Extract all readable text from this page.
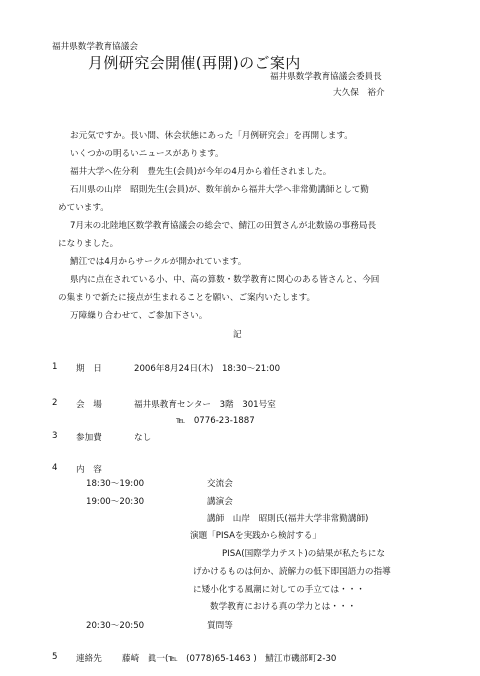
福井県数学教育協議会
月例研究会開催(再開)のご案内
福井県数学教育協議会委員長
大久保　裕介

お元気ですか。長い間、休会状態にあった「月例研究会」を再開します。

いくつかの明るいニュースがあります。

福井大学へ佐分利　豊先生(会員)が今年の4月から着任されました。

石川県の山岸　昭則先生(会員)が、数年前から福井大学へ非常勤講師として勤

めています。

7月末の北陸地区数学教育協議会の総会で、鯖江の田賀さんが北数協の事務局長

になりました。

鯖江では4月からサークルが開かれています。

県内に点在されている小、中、高の算数・数学教育に関心のある皆さんと、今回

の集まりで新たに接点が生まれることを願い、ご案内いたします。

万障繰り合わせて、ご参加下さい。

記
1 期　日	2006年8月24日(木)　18:30～21:00
2 会　場	福井県教育センター　3階　301号室
℡　0776-23-1887
3 参加費	なし
4 内　容
18:30～19:00	交流会
19:00～20:30	講演会
講師　山岸　昭則氏(福井大学非常勤講師)
演題「PISAを実践から検討する」
PISA(国際学力テスト)の結果が私たちにな
げかけるものは何か、読解力の低下即国語力の指導
に矮小化する風潮に対しての手立ては・・・
数学教育における真の学力とは・・・
20:30～20:50	質問等
5 連絡先 藤崎　眞一(℡　(0778)65-1463 )　鯖江市磯部町2-30
